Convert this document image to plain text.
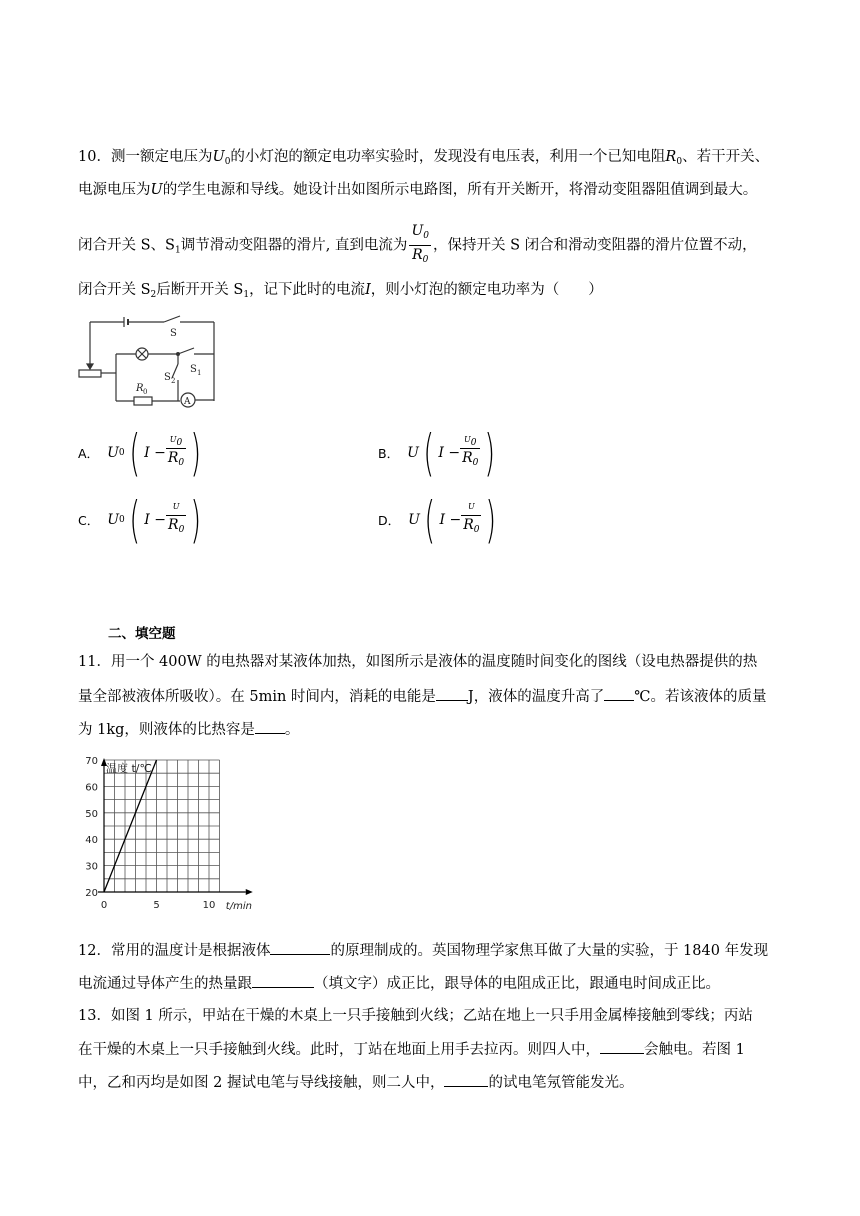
10．测一额定电压为$U_0$的小灯泡的额定电功率实验时，发现没有电压表，利用一个已知电阻$R_0$、若干开关、
电源电压为U的学生电源和导线。她设计出如图所示电路图，所有开关断开，将滑动变阻器阻值调到最大。
闭合开关 S、$S_1$调节滑动变阻器的滑片, 直到电流为 $\frac{U_0}{R_0}$ ，保持开关 S 闭合和滑动变阻器的滑片位置不动，
闭合开关 $S_2$后断开开关 $S_1$，记下此时的电流I，则小灯泡的额定电功率为（　　）
S
S 1
S 2
R 0
A
A． U 0 ( I −
$U_0$
$R_0$ )	B． U ( I −
$U_0$
$R_0$ )
C． U 0 ( I −
U
$R_0$ )	D． U ( I −
U
$R_0$ )
二、填空题
11．用一个 400W 的电热器对某液体加热，如图所示是液体的温度随时间变化的图线（设电热器提供的热
量全部被液体所吸收）。在 5min 时间内，消耗的电能是 J，液体的温度升高了 ℃。若该液体的质量
为 1kg，则液体的比热容是 。
20
30
40
50
60
70
0	5	10
温度 t/℃
t/min
12．常用的温度计是根据液体	的原理制成的。英国物理学家焦耳做了大量的实验，于 1840 年发现
电流通过导体产生的热量跟	（填文字）成正比，跟导体的电阻成正比，跟通电时间成正比。
13．如图 1 所示，甲站在干燥的木桌上一只手接触到火线；乙站在地上一只手用金属棒接触到零线；丙站
在干燥的木桌上一只手接触到火线。此时，丁站在地面上用手去拉丙。则四人中，	会触电。若图 1
中，乙和丙均是如图 2 握试电笔与导线接触，则二人中，	的试电笔氖管能发光。
